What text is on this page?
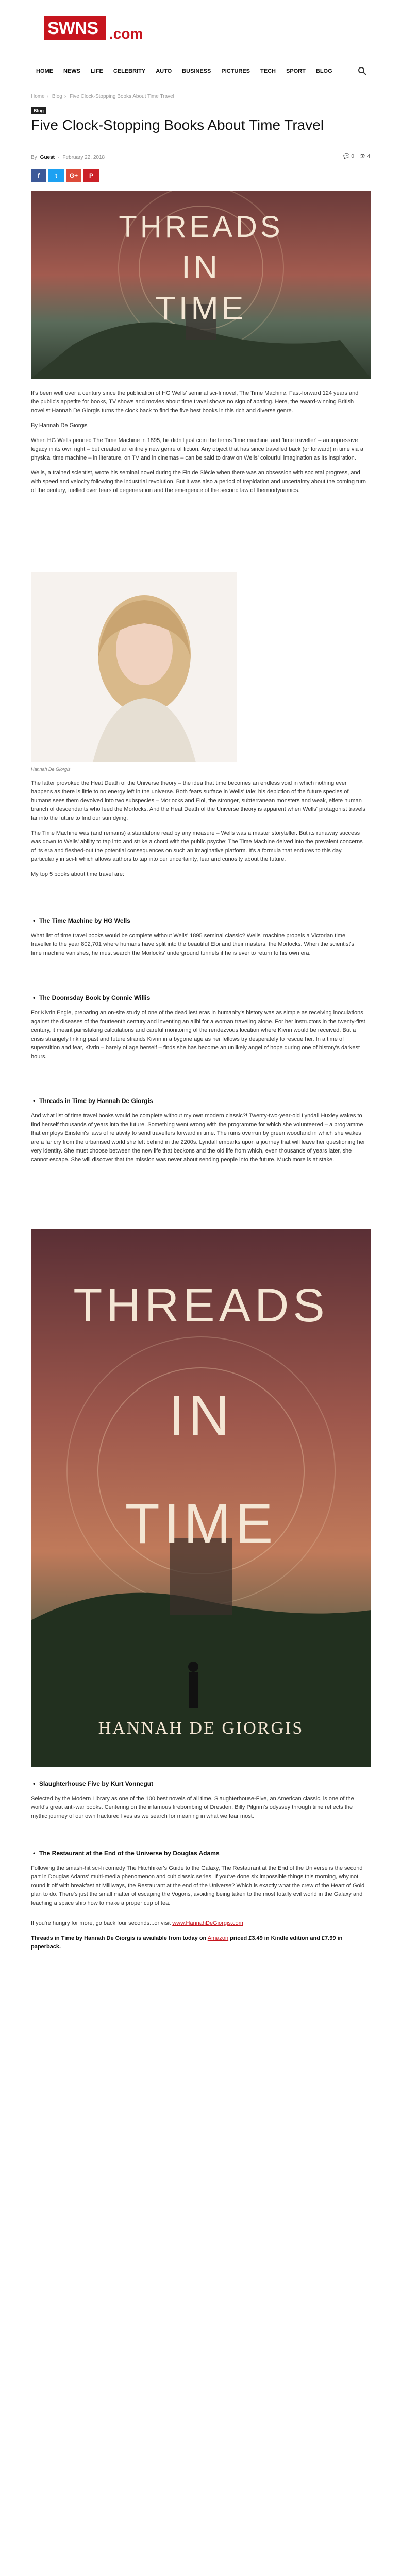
SWNS .com
HOME	NEWS	LIFE	CELEBRITY	AUTO	BUSINESS	PICTURES	TECH	SPORT	BLOG
Home › Blog › Five Clock-Stopping Books About Time Travel
Blog
Five Clock-Stopping Books About Time Travel
By Guest - February 22, 2018	💬 0 👁 4
f	t	G+	P
THREADS
IN
TIME

It's been well over a century since the publication of HG Wells' seminal sci-fi novel, The Time Machine. Fast-forward 124 years and the public's appetite for books, TV shows and movies about time travel shows no sign of abating. Here, the award-winning British novelist Hannah De Giorgis turns the clock back to find the five best books in this rich and diverse genre.

By Hannah De Giorgis

When HG Wells penned The Time Machine in 1895, he didn't just coin the terms 'time machine' and 'time traveller' – an impressive legacy in its own right – but created an entirely new genre of fiction. Any object that has since travelled back (or forward) in time via a physical time machine – in literature, on TV and in cinemas – can be said to draw on Wells' colourful imagination as its inspiration.

Wells, a trained scientist, wrote his seminal novel during the Fin de Siècle when there was an obsession with societal progress, and with speed and velocity following the industrial revolution. But it was also a period of trepidation and uncertainty about the coming turn of the century, fuelled over fears of degeneration and the emergence of the second law of thermodynamics.

Hannah De Giorgis

The latter provoked the Heat Death of the Universe theory – the idea that time becomes an endless void in which nothing ever happens as there is little to no energy left in the universe. Both fears surface in Wells' tale: his depiction of the future species of humans sees them devolved into two subspecies – Morlocks and Eloi, the stronger, subterranean monsters and weak, effete human branch of descendants who feed the Morlocks. And the Heat Death of the Universe theory is apparent when Wells' protagonist travels far into the future to find our sun dying.

The Time Machine was (and remains) a standalone read by any measure – Wells was a master storyteller. But its runaway success was down to Wells' ability to tap into and strike a chord with the public psyche; The Time Machine delved into the prevalent concerns of its era and fleshed-out the potential consequences on such an imaginative platform. It's a formula that endures to this day, particularly in sci-fi which allows authors to tap into our uncertainty, fear and curiosity about the future.

My top 5 books about time travel are:

• The Time Machine by HG Wells
What list of time travel books would be complete without Wells' 1895 seminal classic? Wells' machine propels a Victorian time traveller to the year 802,701 where humans have split into the beautiful Eloi and their masters, the Morlocks. When the scientist's time machine vanishes, he must search the Morlocks' underground tunnels if he is ever to return to his own era.
• The Doomsday Book by Connie Willis
For Kivrin Engle, preparing an on-site study of one of the deadliest eras in humanity's history was as simple as receiving inoculations against the diseases of the fourteenth century and inventing an alibi for a woman traveling alone. For her instructors in the twenty-first century, it meant painstaking calculations and careful monitoring of the rendezvous location where Kivrin would be received. But a crisis strangely linking past and future strands Kivrin in a bygone age as her fellows try desperately to rescue her. In a time of superstition and fear, Kivrin – barely of age herself – finds she has become an unlikely angel of hope during one of history's darkest hours.
• Threads in Time by Hannah De Giorgis
And what list of time travel books would be complete without my own modern classic?! Twenty-two-year-old Lyndall Huxley wakes to find herself thousands of years into the future. Something went wrong with the programme for which she volunteered – a programme that employs Einstein's laws of relativity to send travellers forward in time. The ruins overrun by green woodland in which she wakes are a far cry from the urbanised world she left behind in the 2200s. Lyndall embarks upon a journey that will leave her questioning her very identity. She must choose between the new life that beckons and the old life from which, even thousands of years later, she cannot escape. She will discover that the mission was never about sending people into the future. Much more is at stake.
THREADS
IN
TIME
HANNAH DE GIORGIS
• Slaughterhouse Five by Kurt Vonnegut
Selected by the Modern Library as one of the 100 best novels of all time, Slaughterhouse-Five, an American classic, is one of the world's great anti-war books. Centering on the infamous firebombing of Dresden, Billy Pilgrim's odyssey through time reflects the mythic journey of our own fractured lives as we search for meaning in what we fear most.
• The Restaurant at the End of the Universe by Douglas Adams
Following the smash-hit sci-fi comedy The Hitchhiker's Guide to the Galaxy, The Restaurant at the End of the Universe is the second part in Douglas Adams' multi-media phenomenon and cult classic series. If you've done six impossible things this morning, why not round it off with breakfast at Milliways, the Restaurant at the end of the Universe? Which is exactly what the crew of the Heart of Gold plan to do. There's just the small matter of escaping the Vogons, avoiding being taken to the most totally evil world in the Galaxy and teaching a space ship how to make a proper cup of tea.

If you're hungry for more, go back four seconds...or visit www.HannahDeGiorgis.com

Threads in Time by Hannah De Giorgis is available from today on Amazon priced £3.49 in Kindle edition and £7.99 in paperback.
